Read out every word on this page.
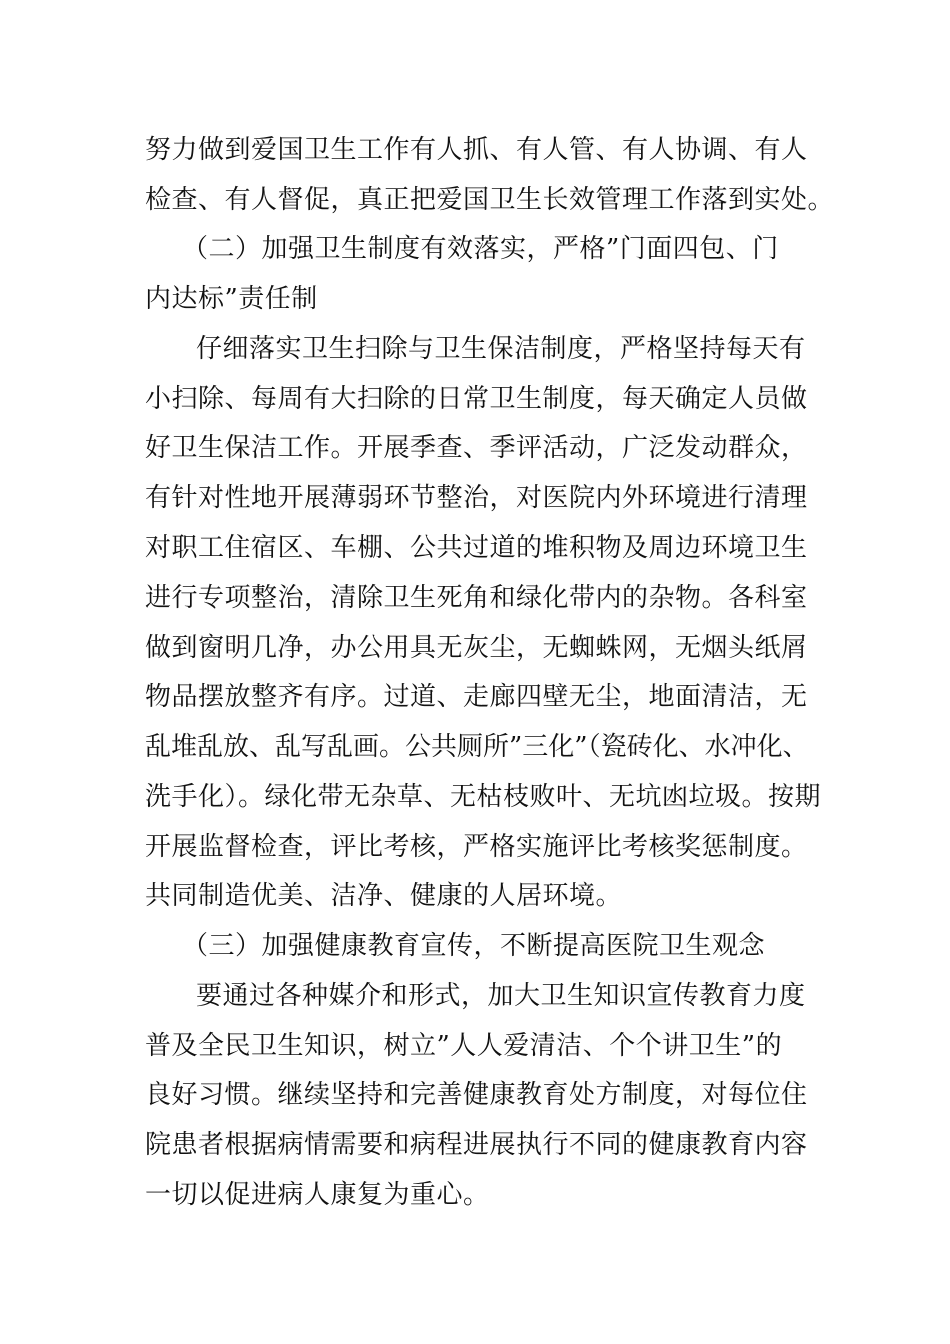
努力做到爱国卫生工作有人抓、有人管、有人协调、有人
检查、有人督促，真正把爱国卫生长效管理工作落到实处。
（二）加强卫生制度有效落实，严格”门面四包、门
内达标”责任制
仔细落实卫生扫除与卫生保洁制度，严格坚持每天有
小扫除、每周有大扫除的日常卫生制度，每天确定人员做
好卫生保洁工作。开展季查、季评活动，广泛发动群众，
有针对性地开展薄弱环节整治，对医院内外环境进行清理
对职工住宿区、车棚、公共过道的堆积物及周边环境卫生
进行专项整治，清除卫生死角和绿化带内的杂物。各科室
做到窗明几净，办公用具无灰尘，无蜘蛛网，无烟头纸屑
物品摆放整齐有序。过道、走廊四壁无尘，地面清洁，无
乱堆乱放、乱写乱画。公共厕所”三化”（瓷砖化、水冲化、
洗手化）。绿化带无杂草、无枯枝败叶、无坑凼垃圾。按期
开展监督检查，评比考核，严格实施评比考核奖惩制度。
共同制造优美、洁净、健康的人居环境。
（三）加强健康教育宣传，不断提高医院卫生观念
要通过各种媒介和形式，加大卫生知识宣传教育力度
普及全民卫生知识，树立”人人爱清洁、个个讲卫生”的
良好习惯。继续坚持和完善健康教育处方制度，对每位住
院患者根据病情需要和病程进展执行不同的健康教育内容
一切以促进病人康复为重心。
